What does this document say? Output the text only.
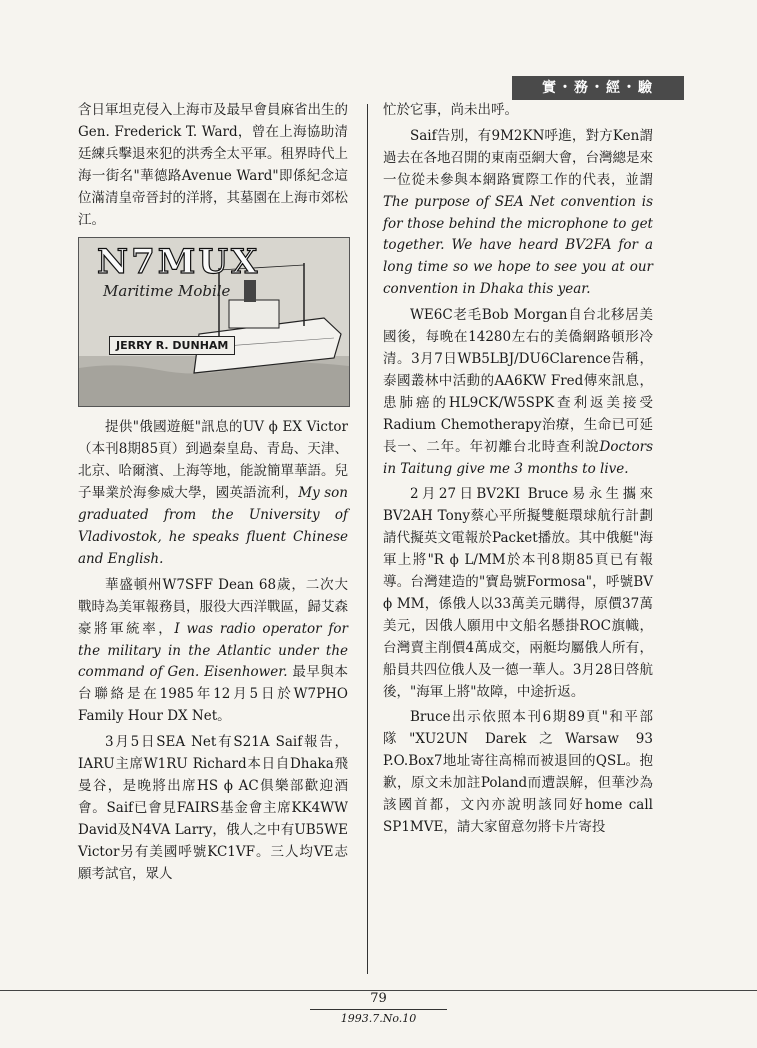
實・務・經・驗

含日軍坦克侵入上海市及最早會員麻省出生的Gen. Frederick T. Ward，曾在上海協助清廷練兵擊退來犯的洪秀全太平軍。租界時代上海一街名"華德路Avenue Ward"即係紀念這位滿清皇帝晉封的洋將，其墓園在上海市郊松江。

N7MUX
Maritime Mobile
JERRY R. DUNHAM

提供"俄國遊艇"訊息的UV ϕ EX Victor（本刊8期85頁）到過秦皇島、青島、天津、北京、哈爾濱、上海等地，能說簡單華語。兒子畢業於海參威大學，國英語流利，My son graduated from the University of Vladivostok, he speaks fluent Chinese and English.

華盛頓州W7SFF Dean 68歲，二次大戰時為美軍報務員，服役大西洋戰區，歸艾森豪將軍統率，I was radio operator for the military in the Atlantic under the command of Gen. Eisenhower. 最早與本台聯絡是在1985年12月5日於W7PHO Family Hour DX Net。

3月5日SEA Net有S21A Saif報告，IARU主席W1RU Richard本日自Dhaka飛曼谷，是晚將出席HS ϕ AC俱樂部歡迎酒會。Saif已會見FAIRS基金會主席KK4WW David及N4VA Larry，俄人之中有UB5WE Victor另有美國呼號KC1VF。三人均VE志願考試官，眾人

忙於它事，尚未出呼。

Saif告別，有9M2KN呼進，對方Ken謂過去在各地召開的東南亞網大會，台灣總是來一位從未參與本網路實際工作的代表，並謂The purpose of SEA Net convention is for those behind the microphone to get together. We have heard BV2FA for a long time so we hope to see you at our convention in Dhaka this year.

WE6C老毛Bob Morgan自台北移居美國後，每晚在14280左右的美僑網路頓形冷清。3月7日WB5LBJ/DU6Clarence告稱，泰國叢林中活動的AA6KW Fred傳來訊息，患肺癌的HL9CK/W5SPK查利返美接受Radium Chemotherapy治療，生命已可延長一、二年。年初離台北時查利說Doctors in Taitung give me 3 months to live.

2月27日BV2KI Bruce易永生攜來BV2AH Tony蔡心平所擬雙艇環球航行計劃請代擬英文電報於Packet播放。其中俄艇"海軍上將"R ϕ L/MM於本刊8期85頁已有報導。台灣建造的"寶島號Formosa"，呼號BV ϕ MM，係俄人以33萬美元購得，原價37萬美元，因俄人願用中文船名懸掛ROC旗幟，台灣賣主削價4萬成交，兩艇均屬俄人所有，船員共四位俄人及一德一華人。3月28日啓航後，"海軍上將"故障，中途折返。

Bruce出示依照本刊6期89頁"和平部隊"XU2UN Darek之Warsaw 93 P.O.Box7地址寄往高棉而被退回的QSL。抱歉，原文未加註Poland而遭誤解，但華沙為該國首都，文內亦說明該同好home call SP1MVE，請大家留意勿將卡片寄投

79
1993.7.No.10
